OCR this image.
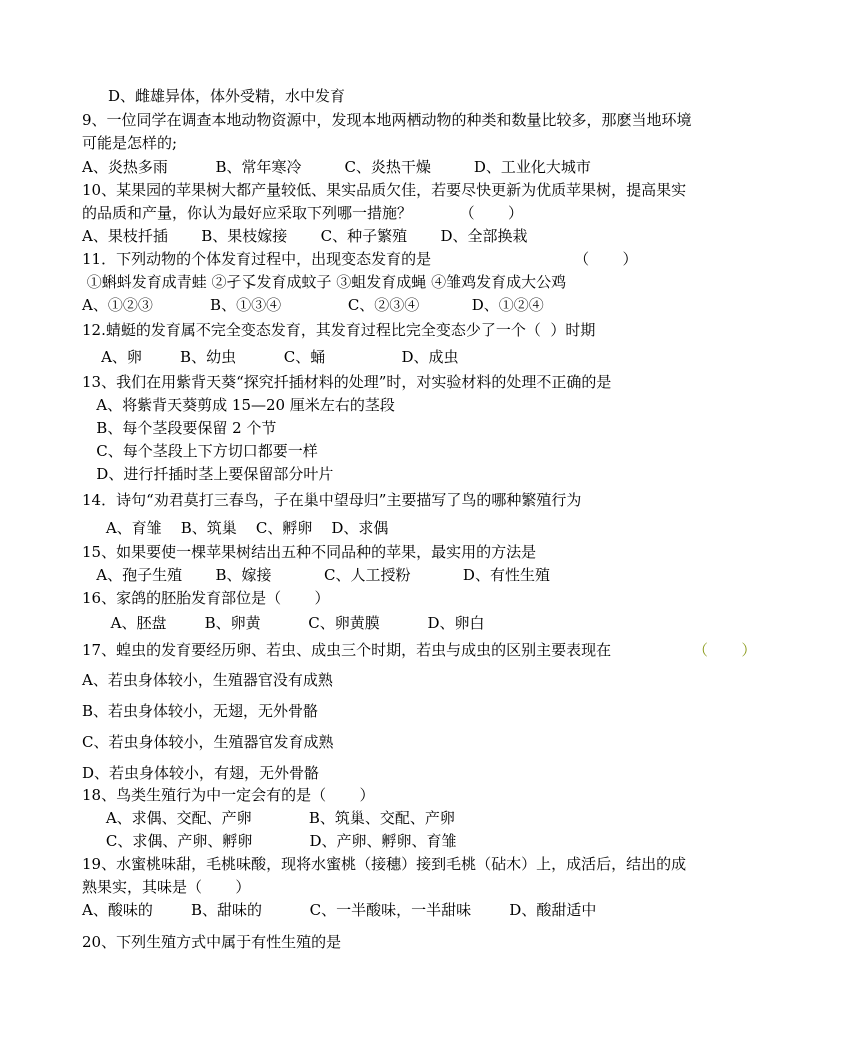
D、雌雄异体，体外受精，水中发育
9、一位同学在调查本地动物资源中，发现本地两栖动物的种类和数量比较多，那麽当地环境
可能是怎样的;
A、炎热多雨          B、常年寒冷         C、炎热干燥         D、工业化大城市
10、某果园的苹果树大都产量较低、果实品质欠佳，若要尽快更新为优质苹果树，提高果实
的品质和产量，你认为最好应采取下列哪一措施？          （       ）
A、果枝扦插       B、果枝嫁接       C、种子繁殖       D、全部换栽
11．下列动物的个体发育过程中，出现变态发育的是                              （       ）
①蝌蚪发育成青蛙 ②孑孓发育成蚊子 ③蛆发育成蝇 ④雏鸡发育成大公鸡
A、①②③            B、①③④              C、②③④           D、①②④
12.蜻蜓的发育属不完全变态发育，其发育过程比完全变态少了一个（  ）时期
A、卵        B、幼虫          C、蛹                D、成虫
13、我们在用紫背天葵“探究扦插材料的处理”时，对实验材料的处理不正确的是
A、将紫背天葵剪成 15—20 厘米左右的茎段
B、每个茎段要保留 2 个节
C、每个茎段上下方切口都要一样
D、进行扦插时茎上要保留部分叶片
14．诗句“劝君莫打三春鸟，子在巢中望母归”主要描写了鸟的哪种繁殖行为
A、育雏    B、筑巢    C、孵卵    D、求偶
15、如果要使一棵苹果树结出五种不同品种的苹果，最实用的方法是
A、孢子生殖       B、嫁接           C、人工授粉           D、有性生殖
16、家鸽的胚胎发育部位是（       ）
A、胚盘        B、卵黄          C、卵黄膜          D、卵白
17、蝗虫的发育要经历卵、若虫、成虫三个时期，若虫与成虫的区别主要表现在	（       ）
A、若虫身体较小，生殖器官没有成熟
B、若虫身体较小，无翅，无外骨骼
C、若虫身体较小，生殖器官发育成熟
D、若虫身体较小，有翅，无外骨骼
18、鸟类生殖行为中一定会有的是（       ）
A、求偶、交配、产卵            B、筑巢、交配、产卵
C、求偶、产卵、孵卵            D、产卵、孵卵、育雏
19、水蜜桃味甜，毛桃味酸，现将水蜜桃（接穗）接到毛桃（砧木）上，成活后，结出的成
熟果实，其味是（       ）
A、酸味的        B、甜味的          C、一半酸味，一半甜味        D、酸甜适中
20、下列生殖方式中属于有性生殖的是
